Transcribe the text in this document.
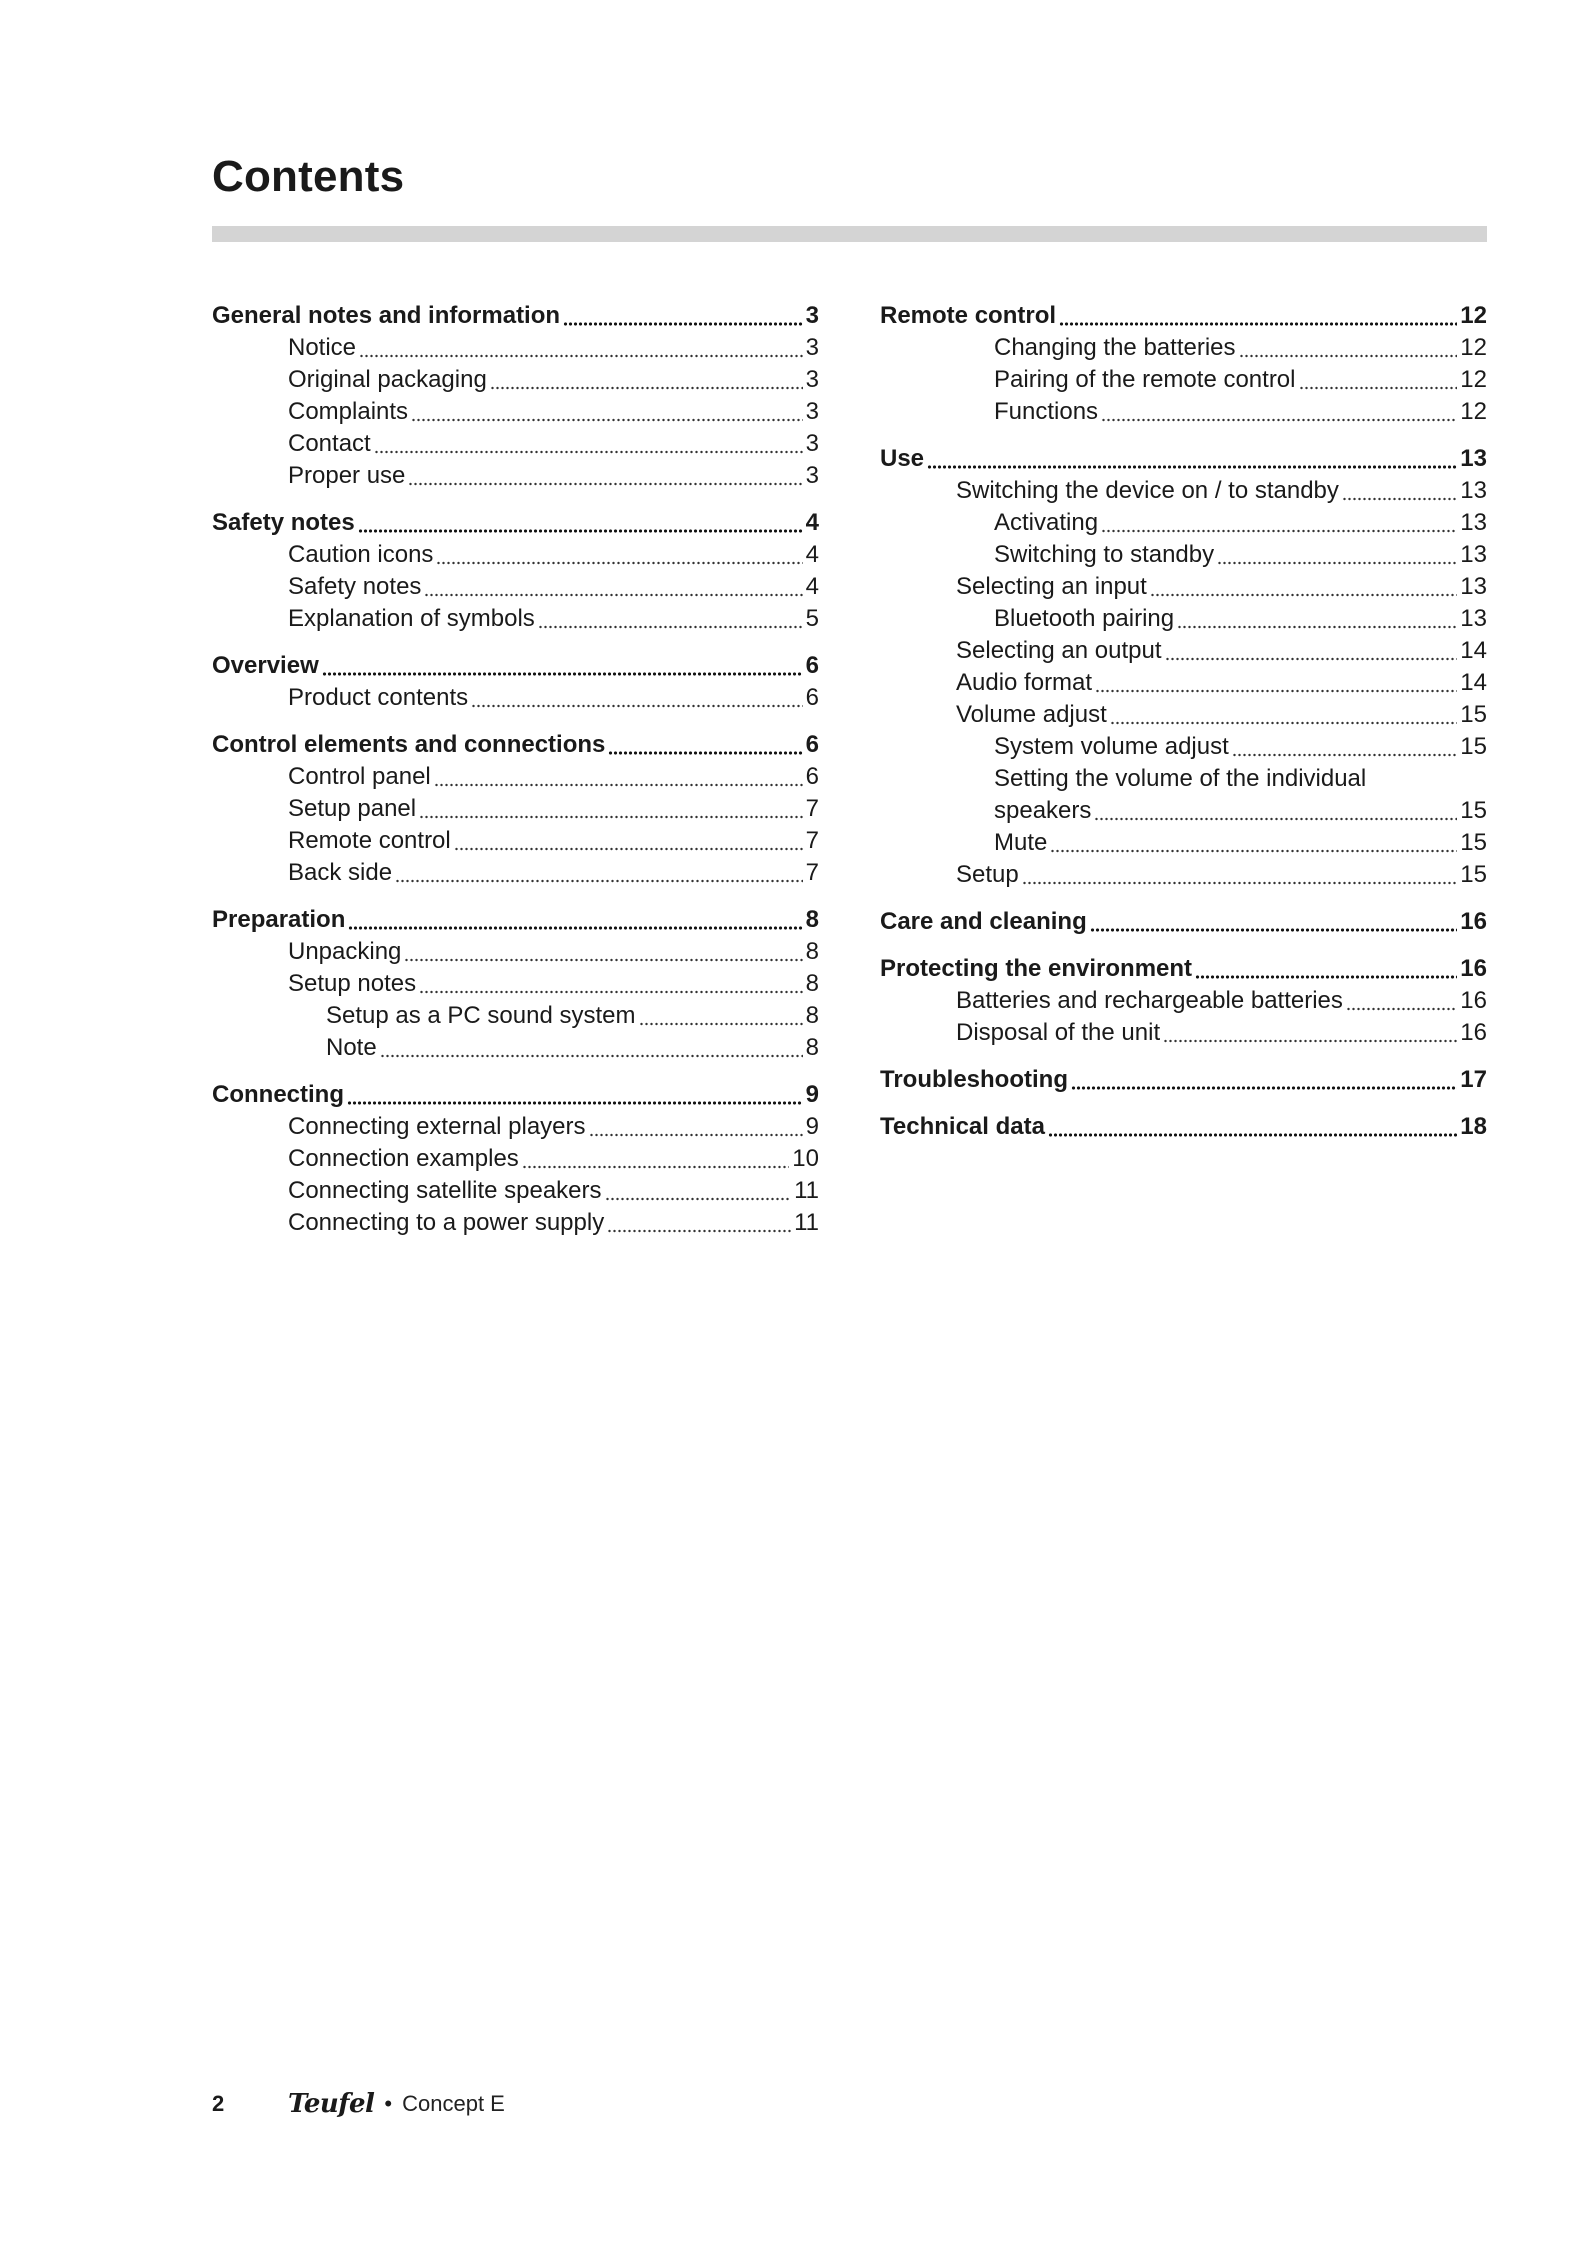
Contents
General notes and information	3
Notice	3
Original packaging	3
Complaints	3
Contact	3
Proper use	3
Safety notes	4
Caution icons	4
Safety notes	4
Explanation of symbols	5
Overview	6
Product contents	6
Control elements and connections	6
Control panel	6
Setup panel	7
Remote control	7
Back side	7
Preparation	8
Unpacking	8
Setup notes	8
Setup as a PC sound system	8
Note	8
Connecting	9
Connecting external players	9
Connection examples	10
Connecting satellite speakers	11
Connecting to a power supply	11
Remote control	12
Changing the batteries	12
Pairing of the remote control	12
Functions	12
Use	13
Switching the device on / to standby	13
Activating	13
Switching to standby	13
Selecting an input	13
Bluetooth pairing	13
Selecting an output	14
Audio format	14
Volume adjust	15
System volume adjust	15
Setting the volume of the individual
speakers	15
Mute	15
Setup	15
Care and cleaning	16
Protecting the environment	16
Batteries and rechargeable batteries	16
Disposal of the unit	16
Troubleshooting	17
Technical data	18
2	Teufel • Concept E
